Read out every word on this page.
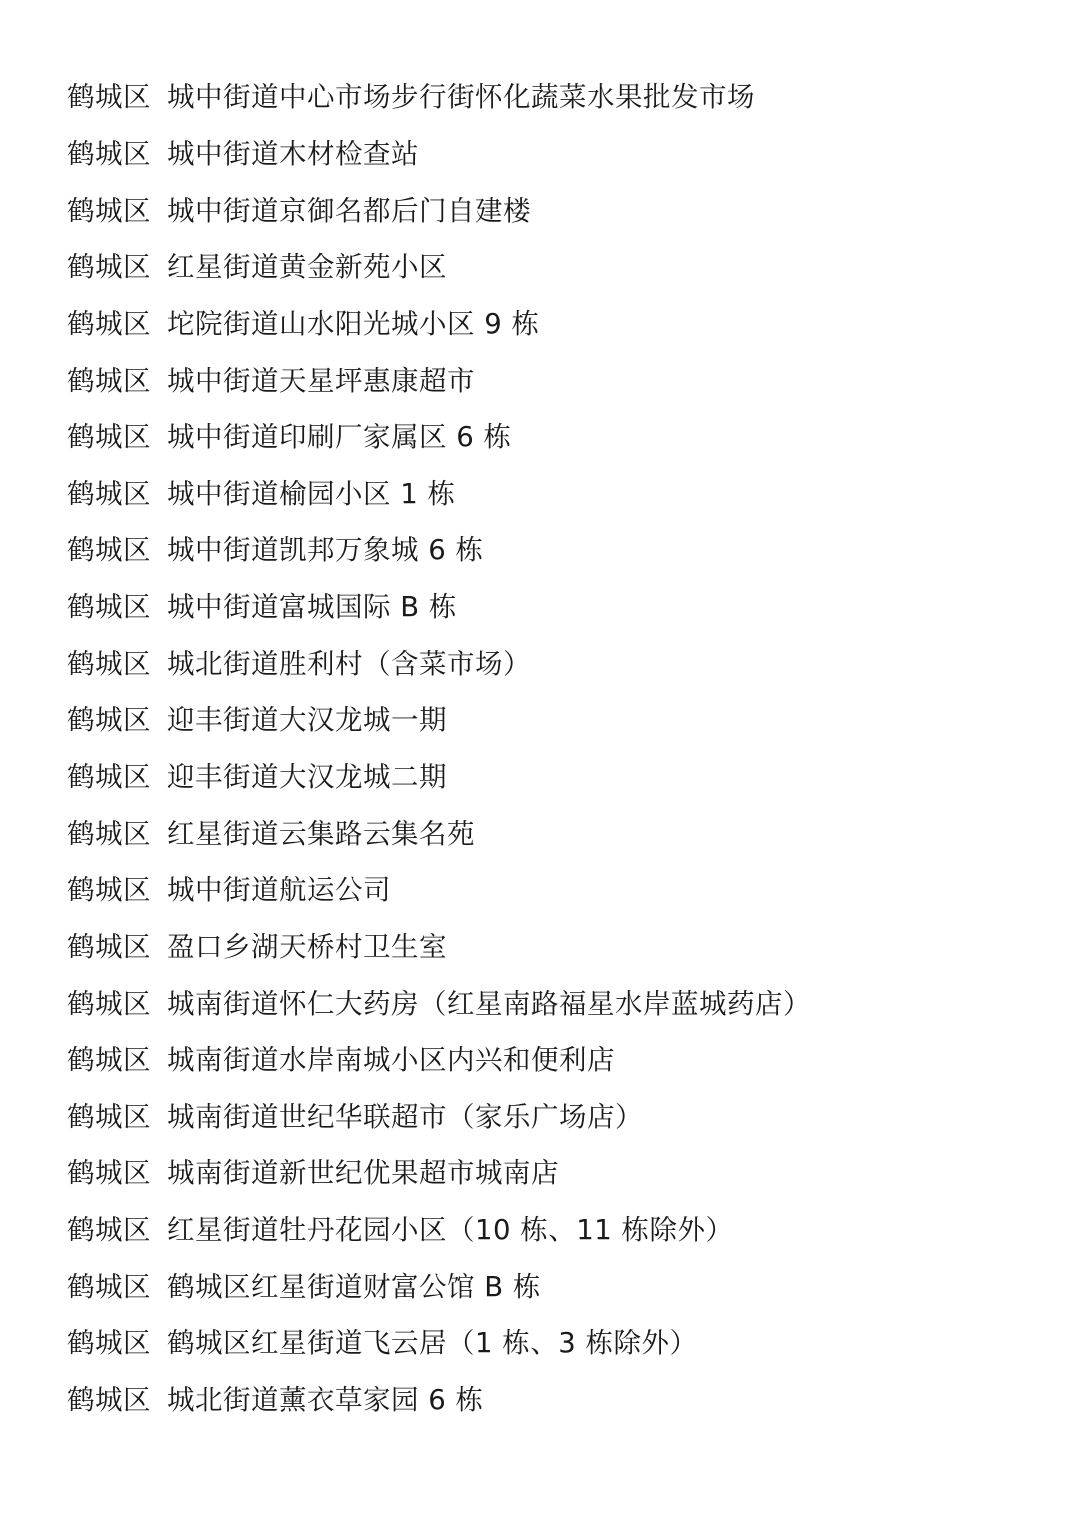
鹤城区 城中街道中心市场步行街怀化蔬菜水果批发市场
鹤城区 城中街道木材检查站
鹤城区 城中街道京御名都后门自建楼
鹤城区 红星街道黄金新苑小区
鹤城区 坨院街道山水阳光城小区 9 栋
鹤城区 城中街道天星坪惠康超市
鹤城区 城中街道印刷厂家属区 6 栋
鹤城区 城中街道榆园小区 1 栋
鹤城区 城中街道凯邦万象城 6 栋
鹤城区 城中街道富城国际 B 栋
鹤城区 城北街道胜利村（含菜市场）
鹤城区 迎丰街道大汉龙城一期
鹤城区 迎丰街道大汉龙城二期
鹤城区 红星街道云集路云集名苑
鹤城区 城中街道航运公司
鹤城区 盈口乡湖天桥村卫生室
鹤城区 城南街道怀仁大药房（红星南路福星水岸蓝城药店）
鹤城区 城南街道水岸南城小区内兴和便利店
鹤城区 城南街道世纪华联超市（家乐广场店）
鹤城区 城南街道新世纪优果超市城南店
鹤城区 红星街道牡丹花园小区（10 栋、11 栋除外）
鹤城区 鹤城区红星街道财富公馆 B 栋
鹤城区 鹤城区红星街道飞云居（1 栋、3 栋除外）
鹤城区 城北街道薰衣草家园 6 栋
